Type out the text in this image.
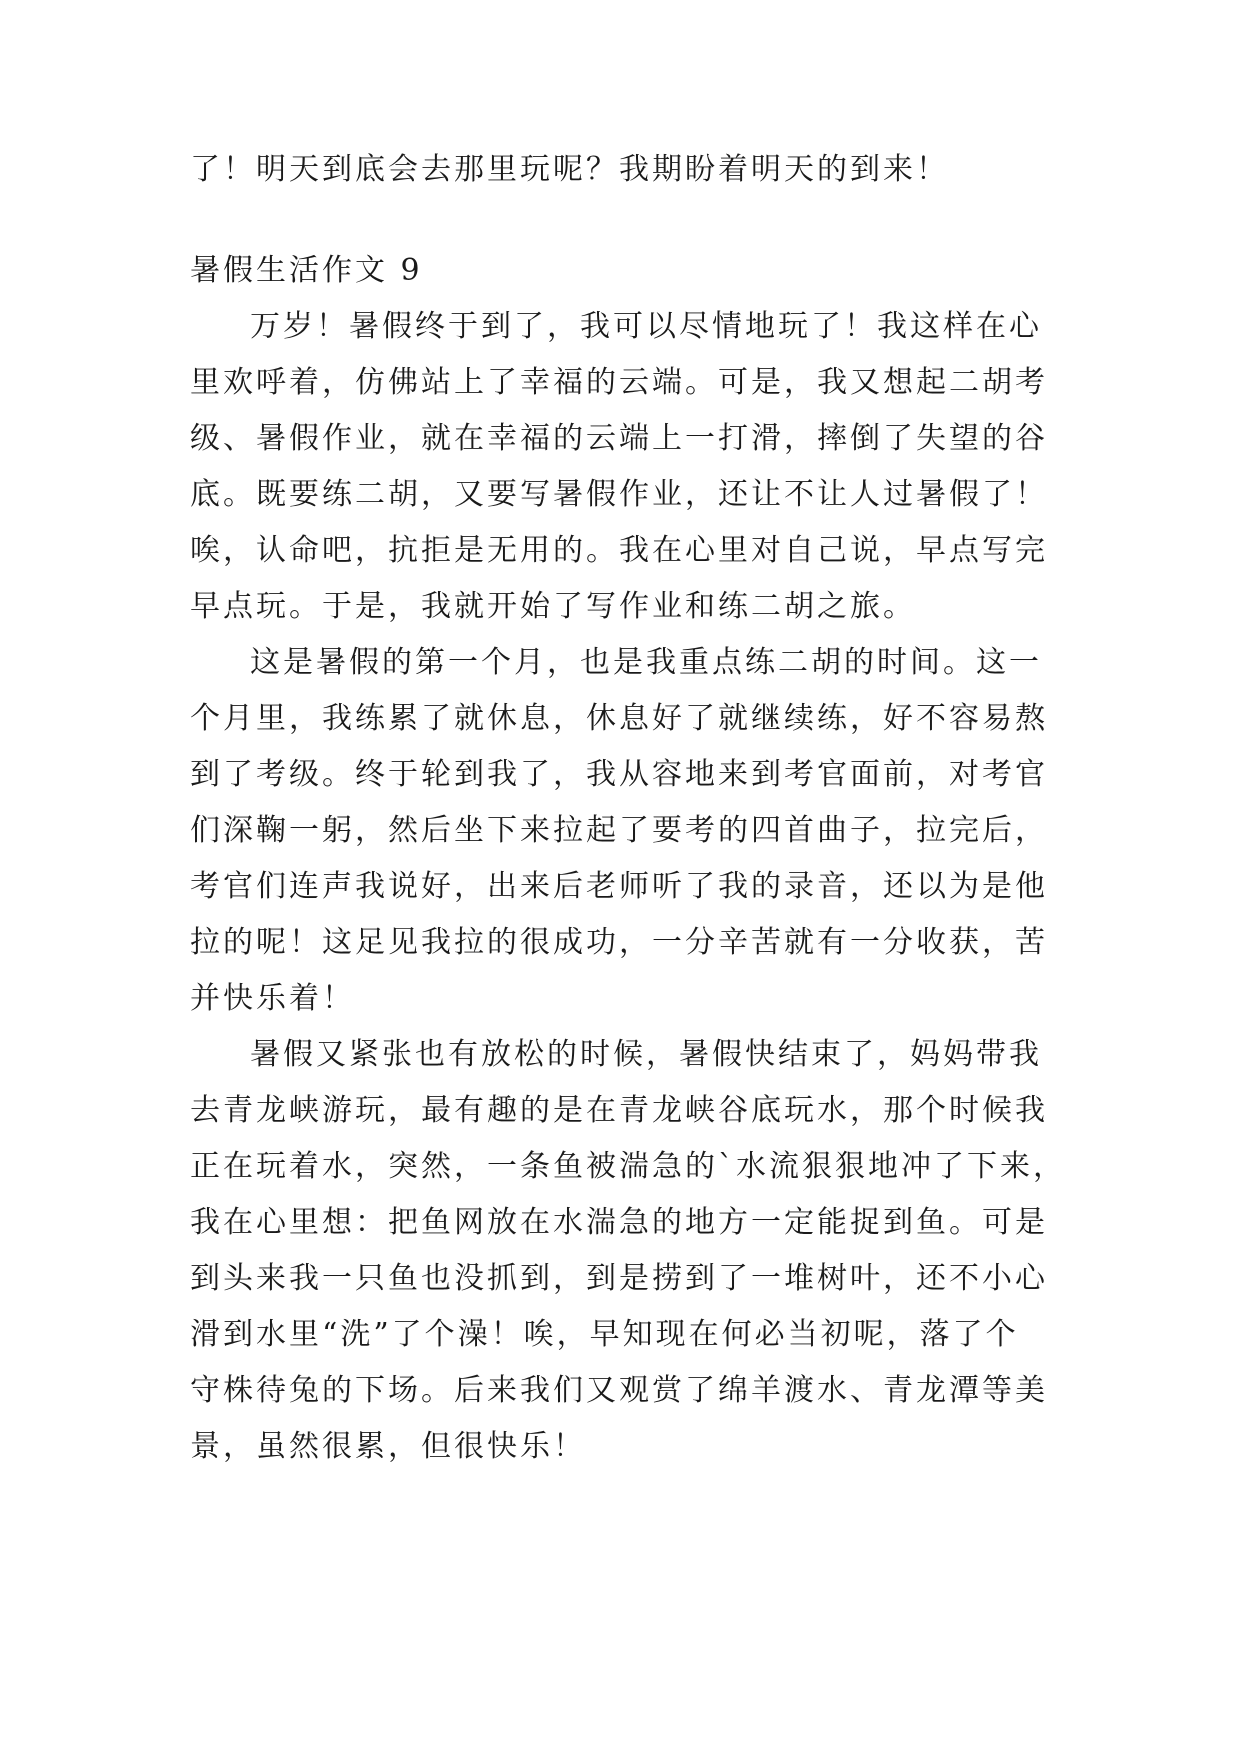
了！明天到底会去那里玩呢？我期盼着明天的到来！
暑假生活作文 9
万岁！暑假终于到了，我可以尽情地玩了！我这样在心
里欢呼着，仿佛站上了幸福的云端。可是，我又想起二胡考
级、暑假作业，就在幸福的云端上一打滑，摔倒了失望的谷
底。既要练二胡，又要写暑假作业，还让不让人过暑假了！
唉，认命吧，抗拒是无用的。我在心里对自己说，早点写完
早点玩。于是，我就开始了写作业和练二胡之旅。
这是暑假的第一个月，也是我重点练二胡的时间。这一
个月里，我练累了就休息，休息好了就继续练，好不容易熬
到了考级。终于轮到我了，我从容地来到考官面前，对考官
们深鞠一躬，然后坐下来拉起了要考的四首曲子，拉完后，
考官们连声我说好，出来后老师听了我的录音，还以为是他
拉的呢！这足见我拉的很成功，一分辛苦就有一分收获，苦
并快乐着！
暑假又紧张也有放松的时候，暑假快结束了，妈妈带我
去青龙峡游玩，最有趣的是在青龙峡谷底玩水，那个时候我
正在玩着水，突然，一条鱼被湍急的`水流狠狠地冲了下来，
我在心里想：把鱼网放在水湍急的地方一定能捉到鱼。可是
到头来我一只鱼也没抓到，到是捞到了一堆树叶，还不小心
滑到水里“洗”了个澡！唉，早知现在何必当初呢，落了个
守株待兔的下场。后来我们又观赏了绵羊渡水、青龙潭等美
景，虽然很累，但很快乐！
